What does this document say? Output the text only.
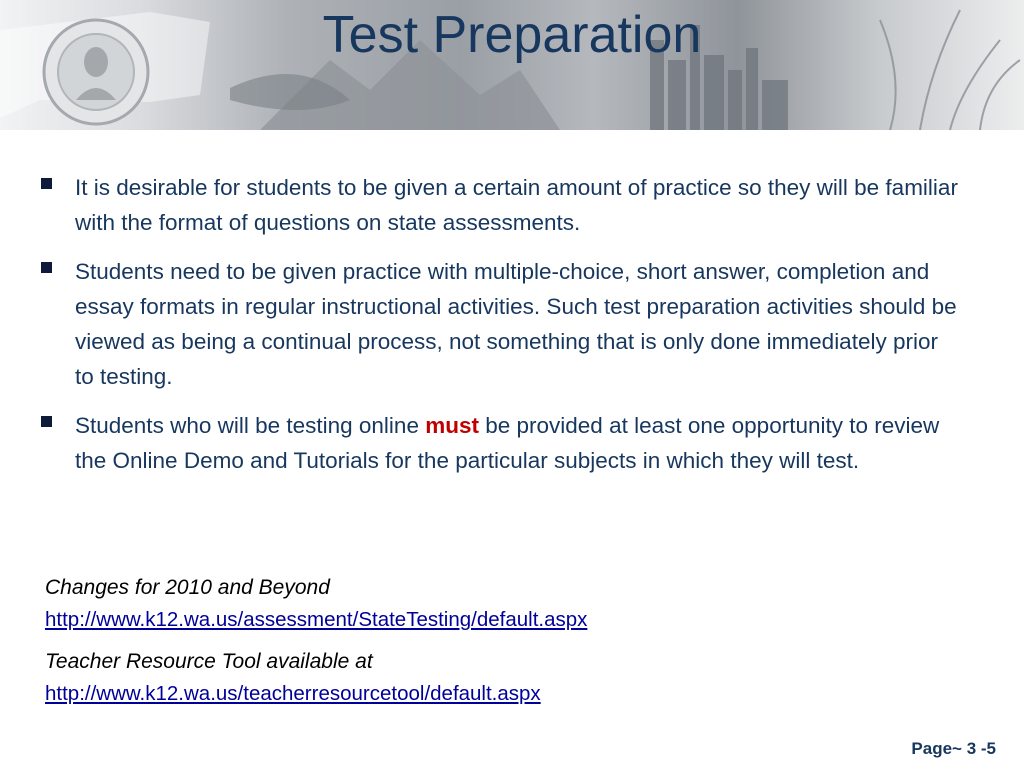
Test Preparation
It is desirable for students to be given a certain amount of practice so they will be familiar with the format of questions on state assessments.
Students need to be given practice with multiple-choice, short answer, completion and essay formats in regular instructional activities. Such test preparation activities should be viewed as being a continual process, not something that is only done immediately prior to testing.
Students who will be testing online must be provided at least one opportunity to review the Online Demo and Tutorials for the particular subjects in which they will test.
Changes for 2010 and Beyond
http://www.k12.wa.us/assessment/StateTesting/default.aspx
Teacher Resource Tool available at
http://www.k12.wa.us/teacherresourcetool/default.aspx
Page~ 3 -5
